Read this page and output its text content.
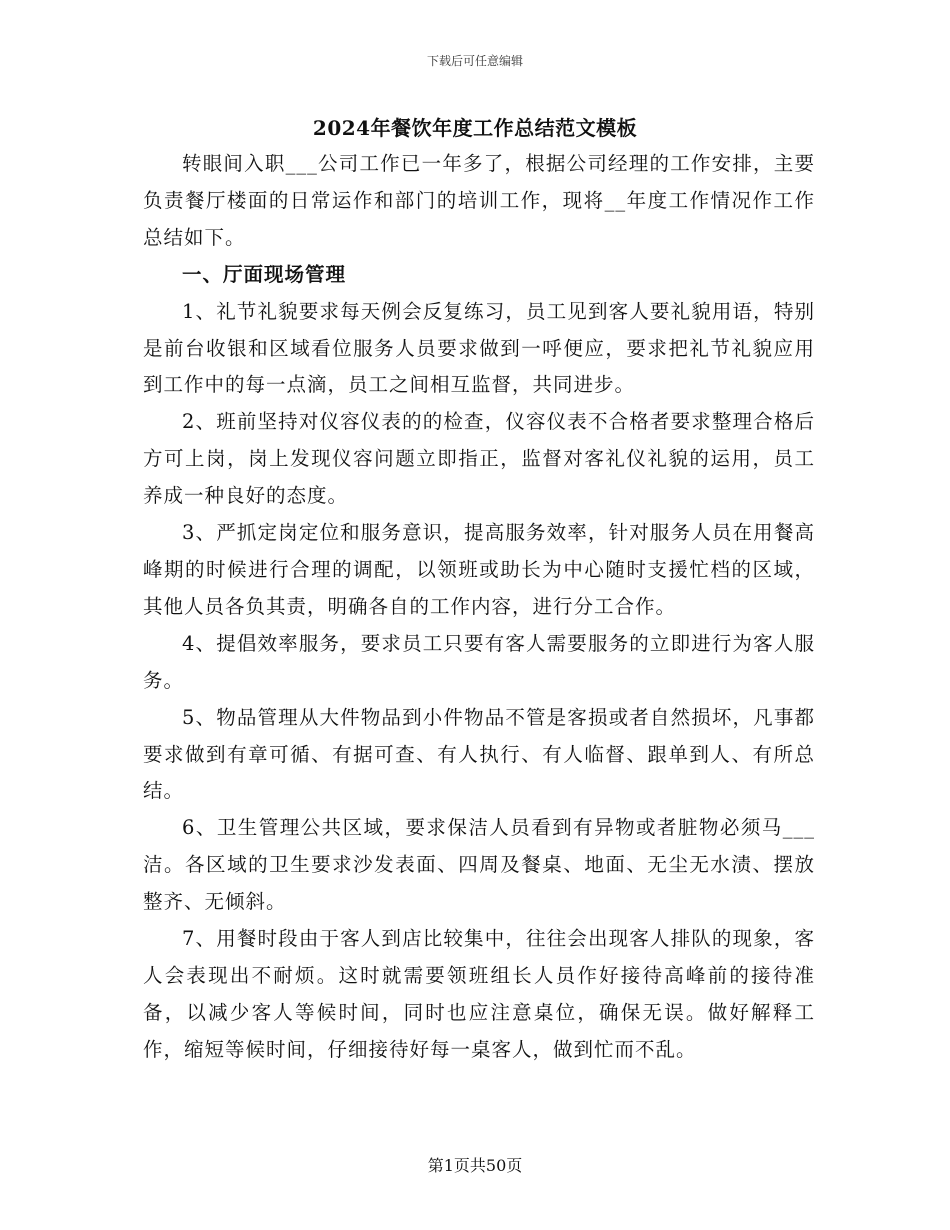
下载后可任意编辑
2024年餐饮年度工作总结范文模板

转眼间入职___公司工作已一年多了，根据公司经理的工作安排，主要负责餐厅楼面的日常运作和部门的培训工作，现将__年度工作情况作工作总结如下。

一、厅面现场管理

1、礼节礼貌要求每天例会反复练习，员工见到客人要礼貌用语，特别是前台收银和区域看位服务人员要求做到一呼便应，要求把礼节礼貌应用到工作中的每一点滴，员工之间相互监督，共同进步。

2、班前坚持对仪容仪表的的检查，仪容仪表不合格者要求整理合格后方可上岗，岗上发现仪容问题立即指正，监督对客礼仪礼貌的运用，员工养成一种良好的态度。

3、严抓定岗定位和服务意识，提高服务效率，针对服务人员在用餐高峰期的时候进行合理的调配，以领班或助长为中心随时支援忙档的区域，其他人员各负其责，明确各自的工作内容，进行分工合作。

4、提倡效率服务，要求员工只要有客人需要服务的立即进行为客人服务。

5、物品管理从大件物品到小件物品不管是客损或者自然损坏，凡事都要求做到有章可循、有据可查、有人执行、有人临督、跟单到人、有所总结。

6、卫生管理公共区域，要求保洁人员看到有异物或者脏物必须马___洁。各区域的卫生要求沙发表面、四周及餐桌、地面、无尘无水渍、摆放整齐、无倾斜。

7、用餐时段由于客人到店比较集中，往往会出现客人排队的现象，客人会表现出不耐烦。这时就需要领班组长人员作好接待高峰前的接待准备，以减少客人等候时间，同时也应注意桌位，确保无误。做好解释工作，缩短等候时间，仔细接待好每一桌客人，做到忙而不乱。

第1页共50页
